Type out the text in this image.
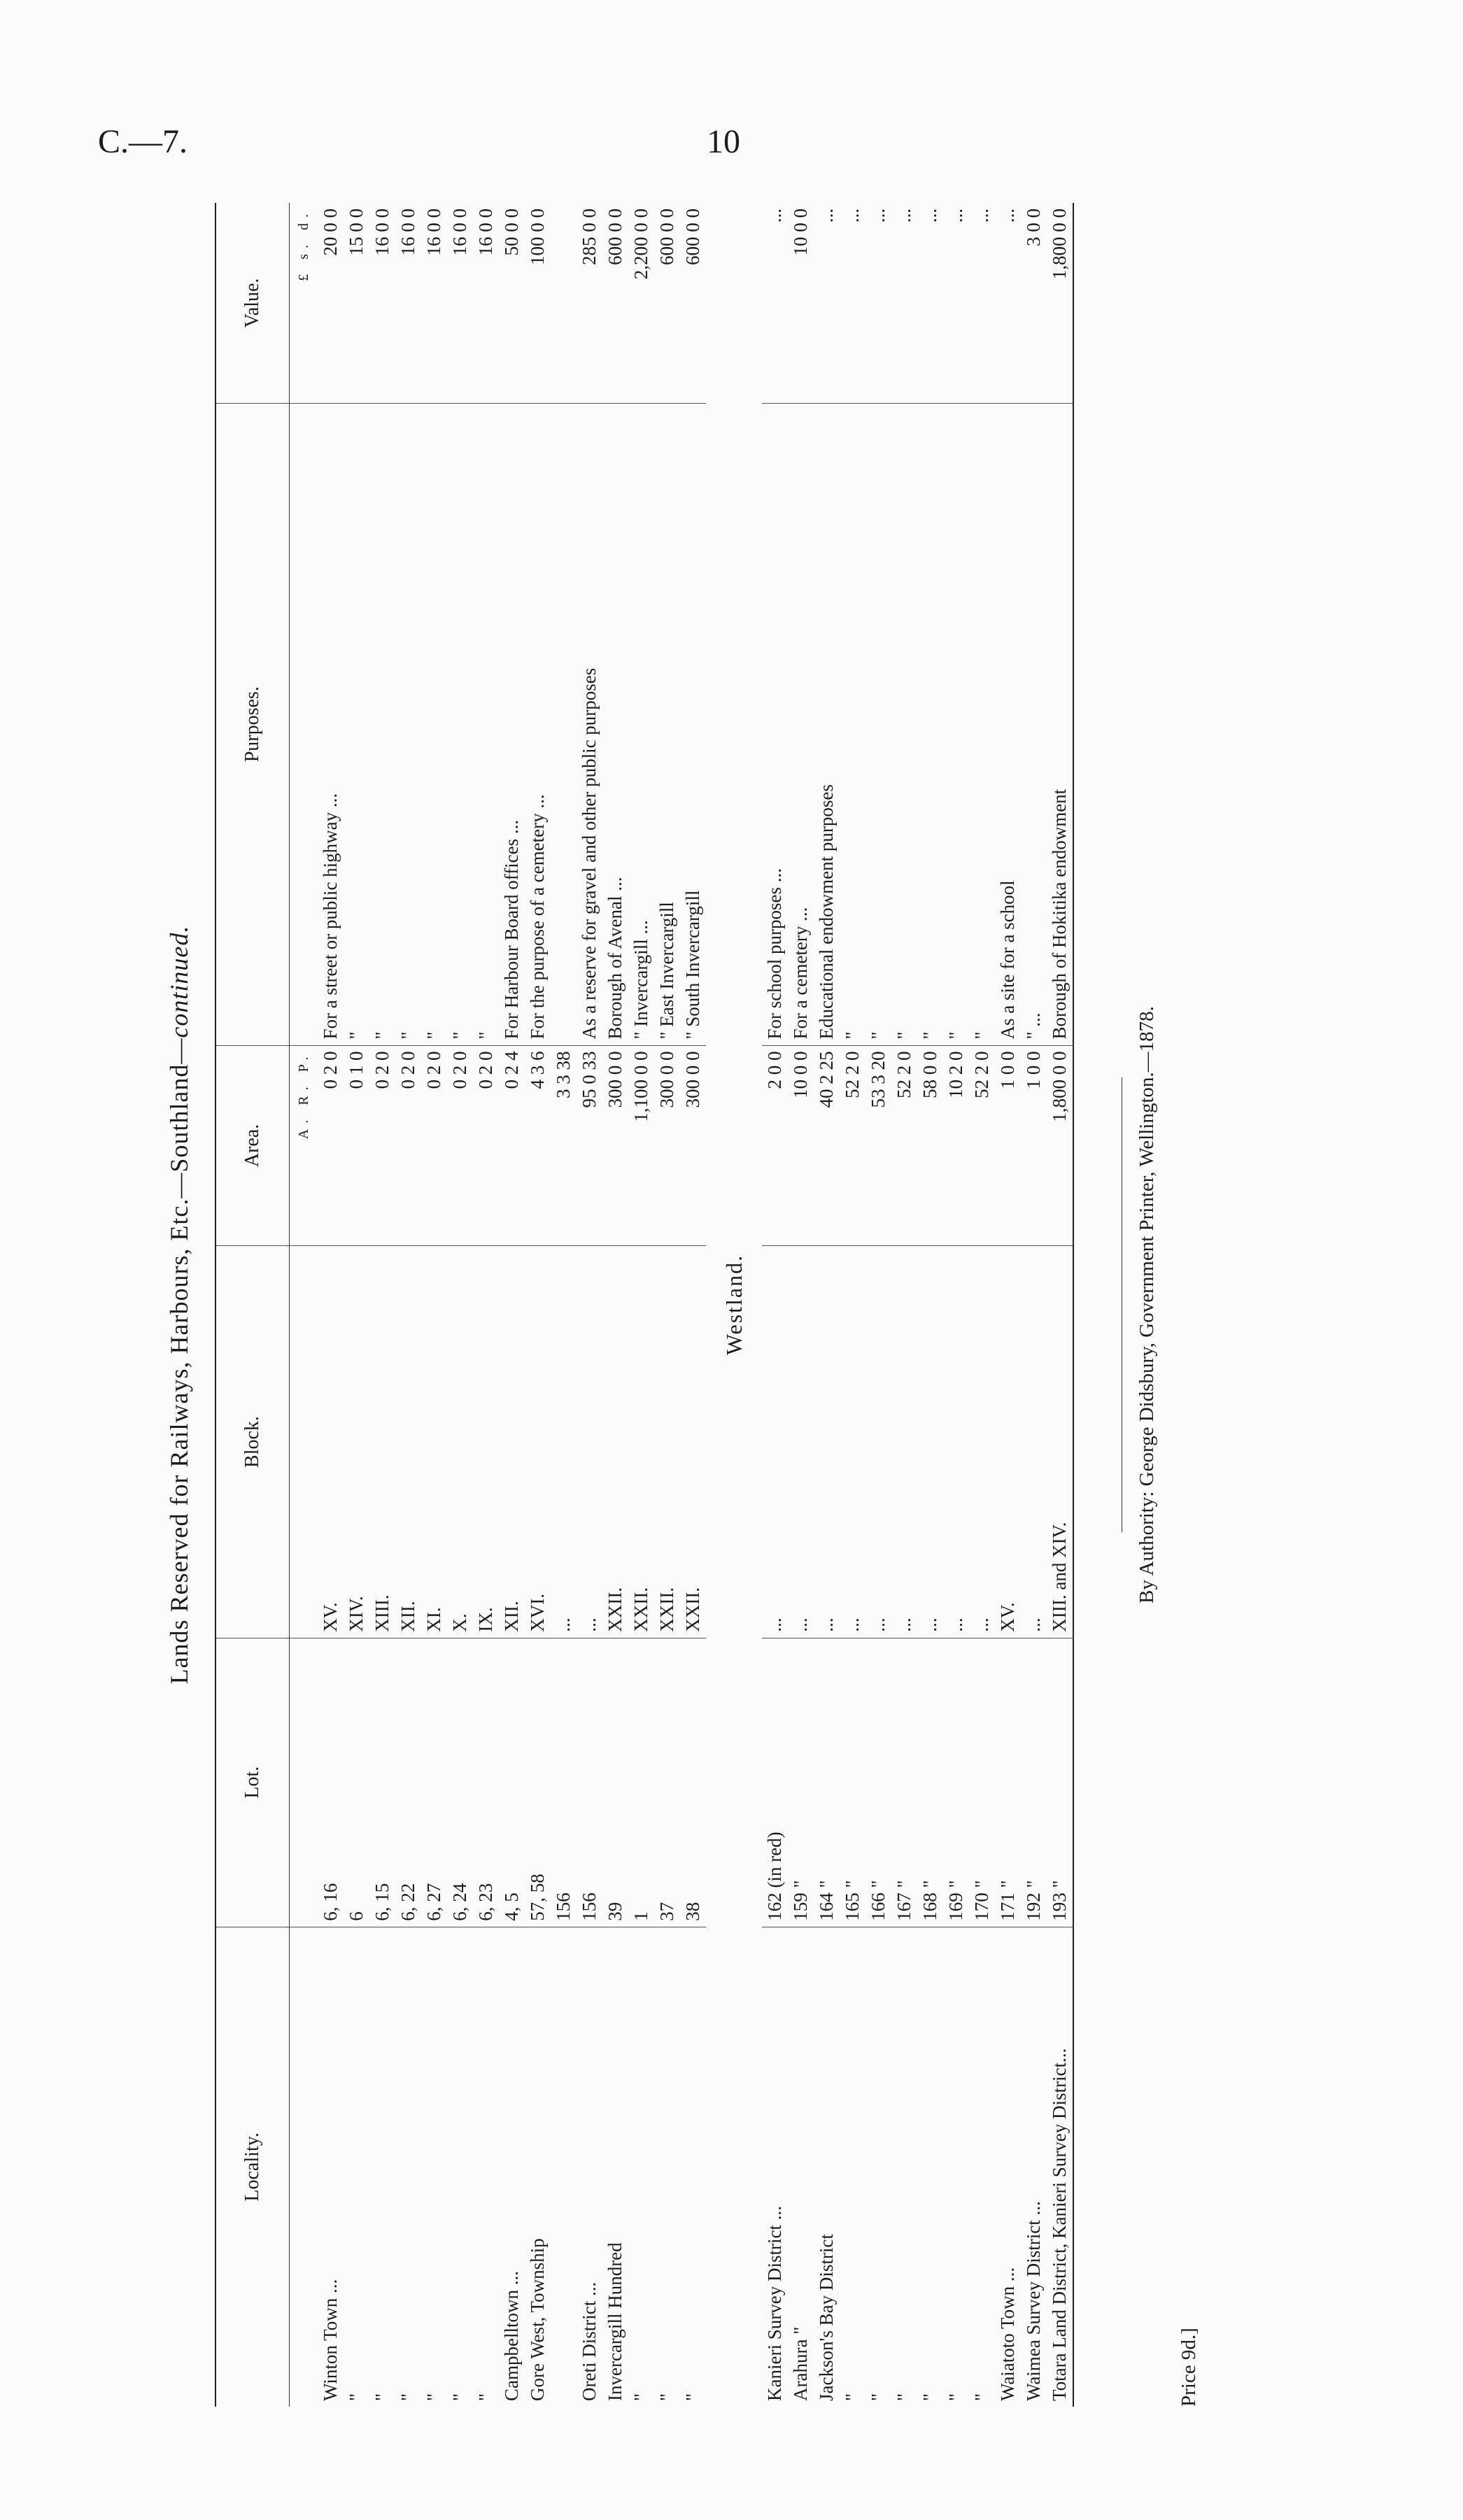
C.—7.	10
Lands Reserved for Railways, Harbours, Etc.—Southland—continued.
Locality.	Lot.	Block.	Area.	Purposes.	Value.
			A. R. P.		£ s. d.
Winton Town ...	6, 16	XV.	0 2 0	For a street or public highway ...	20 0 0
"	6	XIV.	0 1 0	"	15 0 0
"	6, 15	XIII.	0 2 0	"	16 0 0
"	6, 22	XII.	0 2 0	"	16 0 0
"	6, 27	XI.	0 2 0	"	16 0 0
"	6, 24	X.	0 2 0	"	16 0 0
"	6, 23	IX.	0 2 0	"	16 0 0
Campbelltown ...	4, 5	XII.	0 2 4	For Harbour Board offices ...	50 0 0
Gore West, Township	57, 58	XVI.	4 3 6	For the purpose of a cemetery ...	100 0 0
	156	...	3 3 38		
Oreti District ...	156	...	95 0 33	As a reserve for gravel and other public purposes	285 0 0
Invercargill Hundred	39	XXII.	300 0 0	Borough of Avenal ...	600 0 0
"	1	XXII.	1,100 0 0	" Invercargill ...	2,200 0 0
"	37	XXII.	300 0 0	" East Invercargill	600 0 0
"	38	XXII.	300 0 0	" South Invercargill	600 0 0
Westland.					
Kanieri Survey District ...	162 (in red)	...	2 0 0	For school purposes ...	...
Arahura "	159 "	...	10 0 0	For a cemetery ...	10 0 0
Jackson's Bay District	164 "	...	40 2 25	Educational endowment purposes	...
"	165 "	...	52 2 0	"	...
"	166 "	...	53 3 20	"	...
"	167 "	...	52 2 0	"	...
"	168 "	...	58 0 0	"	...
"	169 "	...	10 2 0	"	...
"	170 "	...	52 2 0	"	...
Waiatoto Town ...	171 "	XV.	1 0 0	As a site for a school	...
Waimea Survey District ...	192 "	...	1 0 0	" ...	3 0 0
Totara Land District, Kanieri Survey District...	193 "	XIII. and XIV.	1,800 0 0	Borough of Hokitika endowment	1,800 0 0
By Authority: George Didsbury, Government Printer, Wellington.—1878.
Price 9d.]
